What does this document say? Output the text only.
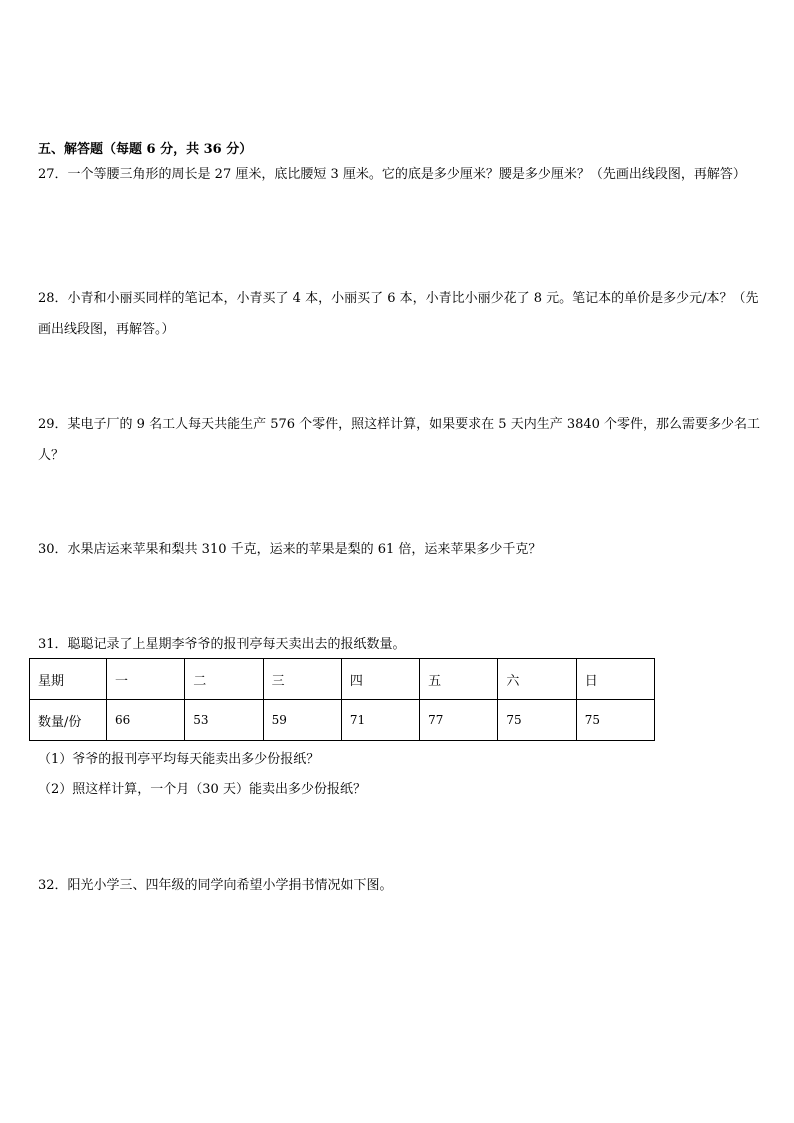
五、解答题（每题 6 分，共 36 分）
27．一个等腰三角形的周长是 27 厘米，底比腰短 3 厘米。它的底是多少厘米？腰是多少厘米？（先画出线段图，再解答）
28．小青和小丽买同样的笔记本，小青买了 4 本，小丽买了 6 本，小青比小丽少花了 8 元。笔记本的单价是多少元/本？（先画出线段图，再解答。）
29．某电子厂的 9 名工人每天共能生产 576 个零件，照这样计算，如果要求在 5 天内生产 3840 个零件，那么需要多少名工人？
30．水果店运来苹果和梨共 310 千克，运来的苹果是梨的 61 倍，运来苹果多少千克？
31．聪聪记录了上星期李爷爷的报刊亭每天卖出去的报纸数量。
星期	一	二	三	四	五	六	日
数量/份	66	53	59	71	77	75	75
（1）爷爷的报刊亭平均每天能卖出多少份报纸？
（2）照这样计算，一个月（30 天）能卖出多少份报纸？
32．阳光小学三、四年级的同学向希望小学捐书情况如下图。
